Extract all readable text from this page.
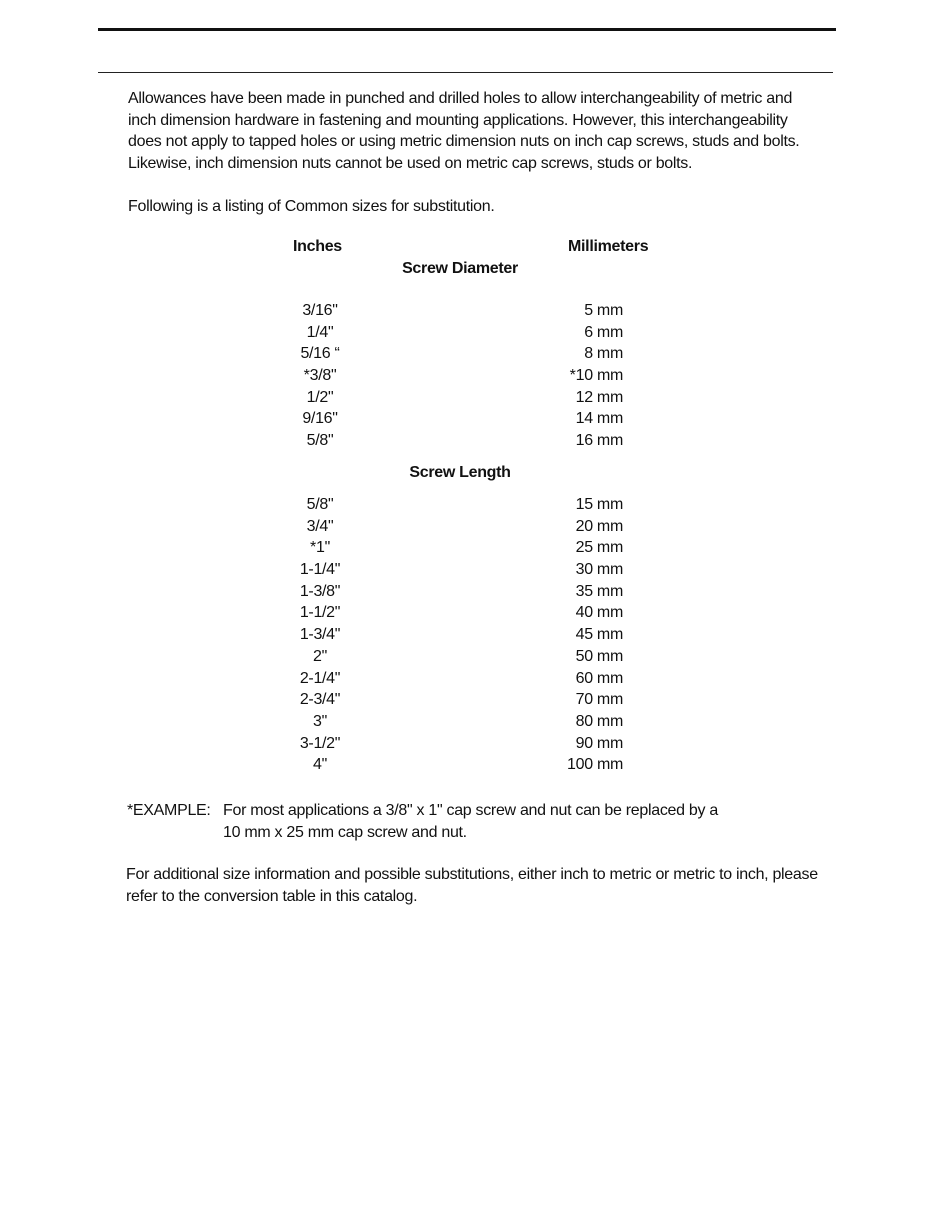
Allowances have been made in punched and drilled holes to allow interchangeability of metric and

inch dimension hardware in fastening and mounting applications. However, this interchangeability

does not apply to tapped holes or using metric dimension nuts on inch cap screws, studs and bolts.

Likewise, inch dimension nuts cannot be used on metric cap screws, studs or bolts.

Following is a listing of Common sizes for substitution.
Inches	Millimeters
Screw Diameter
3/16"	5 mm
1/4"	6 mm
5/16 “	8 mm
*3/8"	*10 mm
1/2"	12 mm
9/16"	14 mm
5/8"	16 mm
Screw Length
5/8"	15 mm
3/4"	20 mm
*1"	25 mm
1-1/4"	30 mm
1-3/8"	35 mm
1-1/2"	40 mm
1-3/4"	45 mm
2"	50 mm
2-1/4"	60 mm
2-3/4"	70 mm
3"	80 mm
3-1/2"	90 mm
4"	100 mm
*EXAMPLE: For most applications a 3/8" x 1" cap screw and nut can be replaced by a

10 mm x 25 mm cap screw and nut.

For additional size information and possible substitutions, either inch to metric or metric to inch, please

refer to the conversion table in this catalog.
